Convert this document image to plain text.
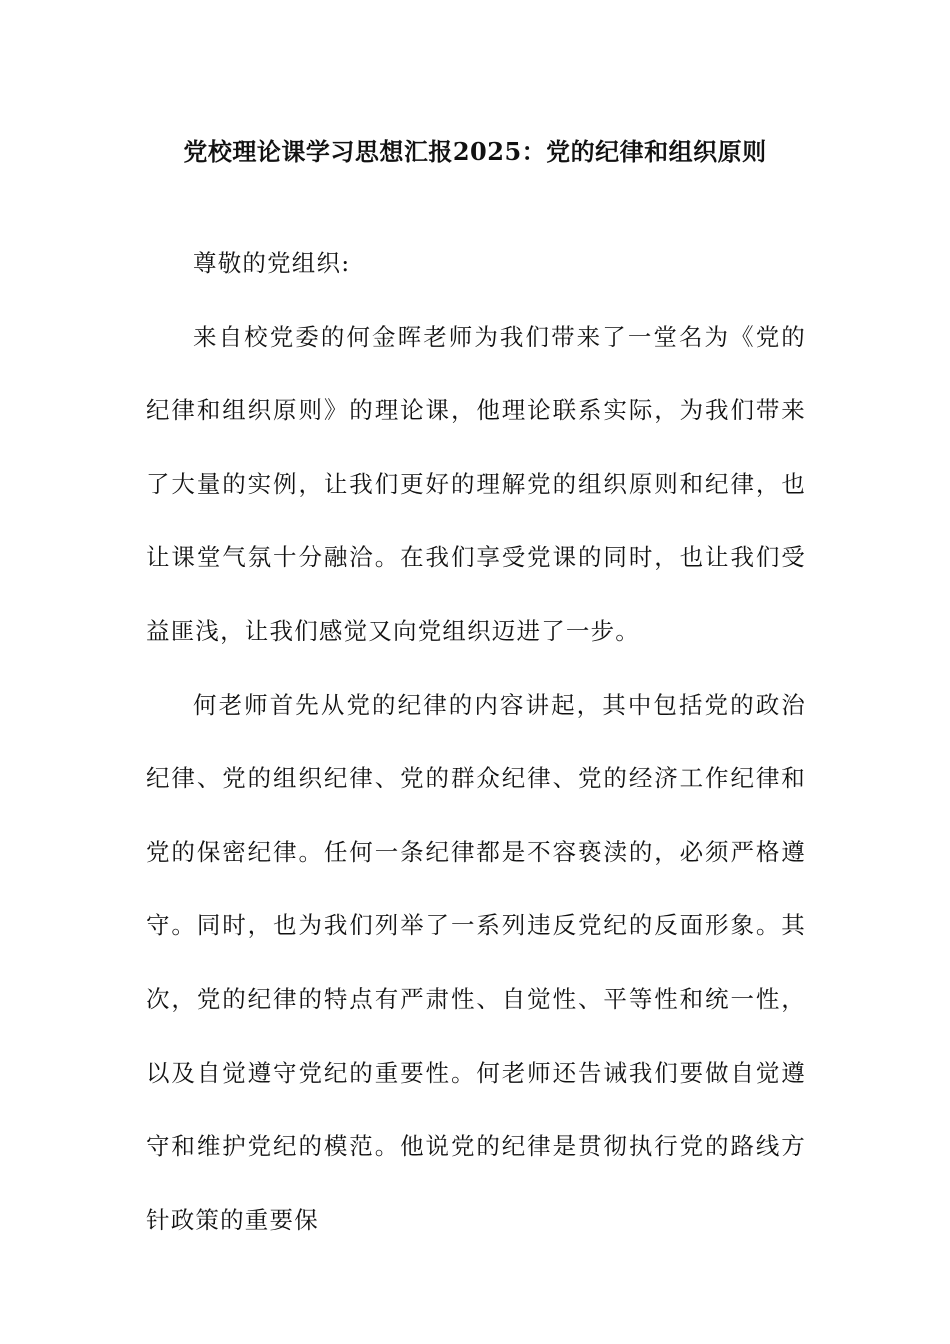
党校理论课学习思想汇报2025：党的纪律和组织原则

尊敬的党组织:

来自校党委的何金晖老师为我们带来了一堂名为《党的纪律和组织原则》的理论课，他理论联系实际，为我们带来了大量的实例，让我们更好的理解党的组织原则和纪律，也让课堂气氛十分融洽。在我们享受党课的同时，也让我们受益匪浅，让我们感觉又向党组织迈进了一步。

何老师首先从党的纪律的内容讲起，其中包括党的政治纪律、党的组织纪律、党的群众纪律、党的经济工作纪律和党的保密纪律。任何一条纪律都是不容亵渎的，必须严格遵守。同时，也为我们列举了一系列违反党纪的反面形象。其次，党的纪律的特点有严肃性、自觉性、平等性和统一性，以及自觉遵守党纪的重要性。何老师还告诫我们要做自觉遵守和维护党纪的模范。他说党的纪律是贯彻执行党的路线方针政策的重要保
